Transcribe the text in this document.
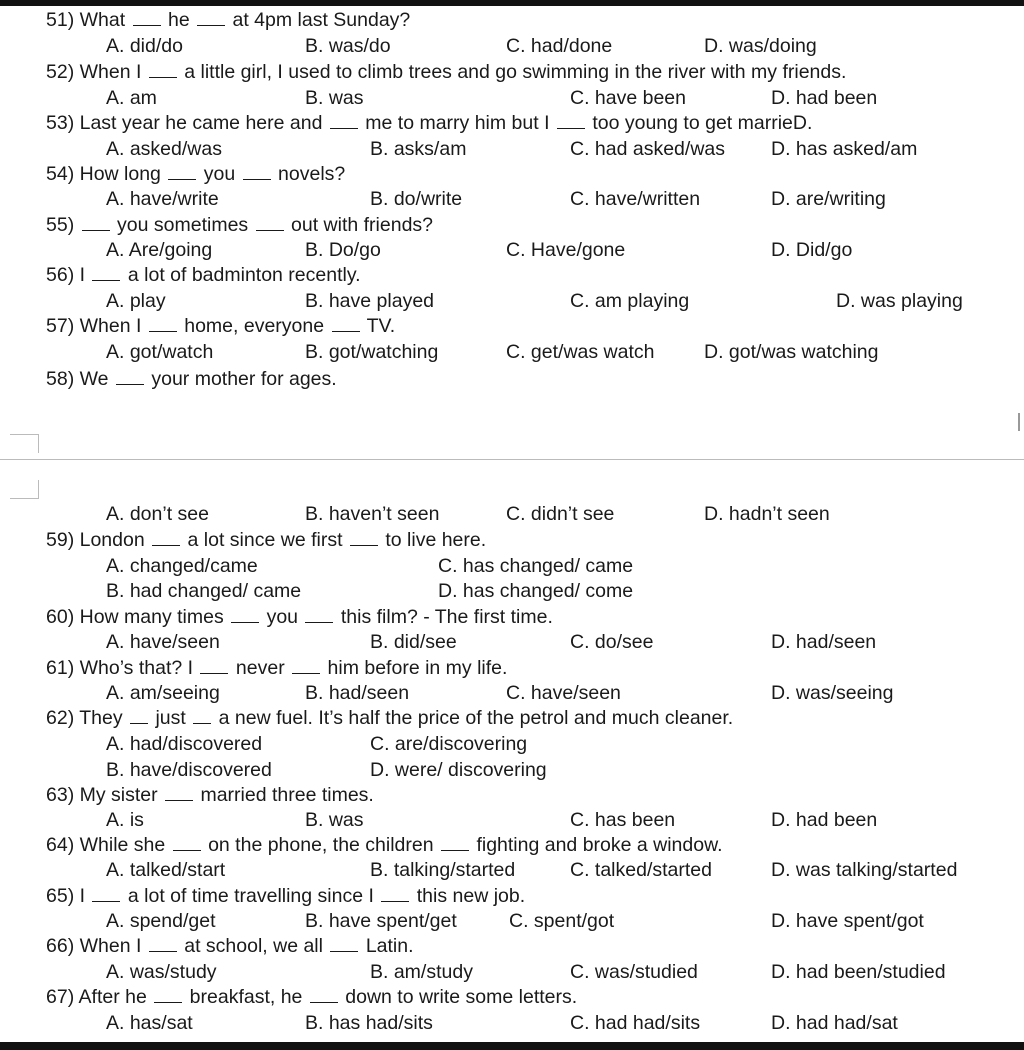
51) What  he  at 4pm last Sunday?
A. did/do	B. was/do	C. had/done	D. was/doing
52) When I  a little girl, I used to climb trees and go swimming in the river with my friends.
A. am	B. was	C. have been	D. had been
53) Last year he came here and  me to marry him but I  too young to get marrieD.
A. asked/was	B. asks/am	C. had asked/was D. has asked/am
54) How long  you  novels?
A. have/write	B. do/write	C. have/written	D. are/writing
55) you sometimes  out with friends?
A. Are/going	B. Do/go	C. Have/gone	D. Did/go
56) I  a lot of badminton recently.
A. play	B. have played	C. am playing	D. was playing
57) When I  home, everyone  TV.
A. got/watch	B. got/watching	C. get/was watch	D. got/was watching
58) We  your mother for ages.
A. don’t see	B. haven’t seen	C. didn’t see	D. hadn’t seen
59) London  a lot since we first  to live here.
A. changed/came	C. has changed/ came
B. had changed/ came	D. has changed/ come
60) How many times  you  this film? - The first time.
A. have/seen	B. did/see	C. do/see	D. had/seen
61) Who’s that? I  never  him before in my life.
A. am/seeing	B. had/seen	C. have/seen	D. was/seeing
62) They  just  a new fuel. It’s half the price of the petrol and much cleaner.
A. had/discovered	C. are/discovering
B. have/discovered	D. were/ discovering
63) My sister  married three times.
A. is	B. was	C. has been	D. had been
64) While she  on the phone, the children  fighting and broke a window.
A. talked/start	B. talking/started	C. talked/started	D. was talking/started
65) I  a lot of time travelling since I  this new job.
A. spend/get	B. have spent/get	C. spent/got	D. have spent/got
66) When I  at school, we all  Latin.
A. was/study	B. am/study	C. was/studied	D. had been/studied
67) After he  breakfast, he  down to write some letters.
A. has/sat	B. has had/sits	C. had had/sits	D. had had/sat
